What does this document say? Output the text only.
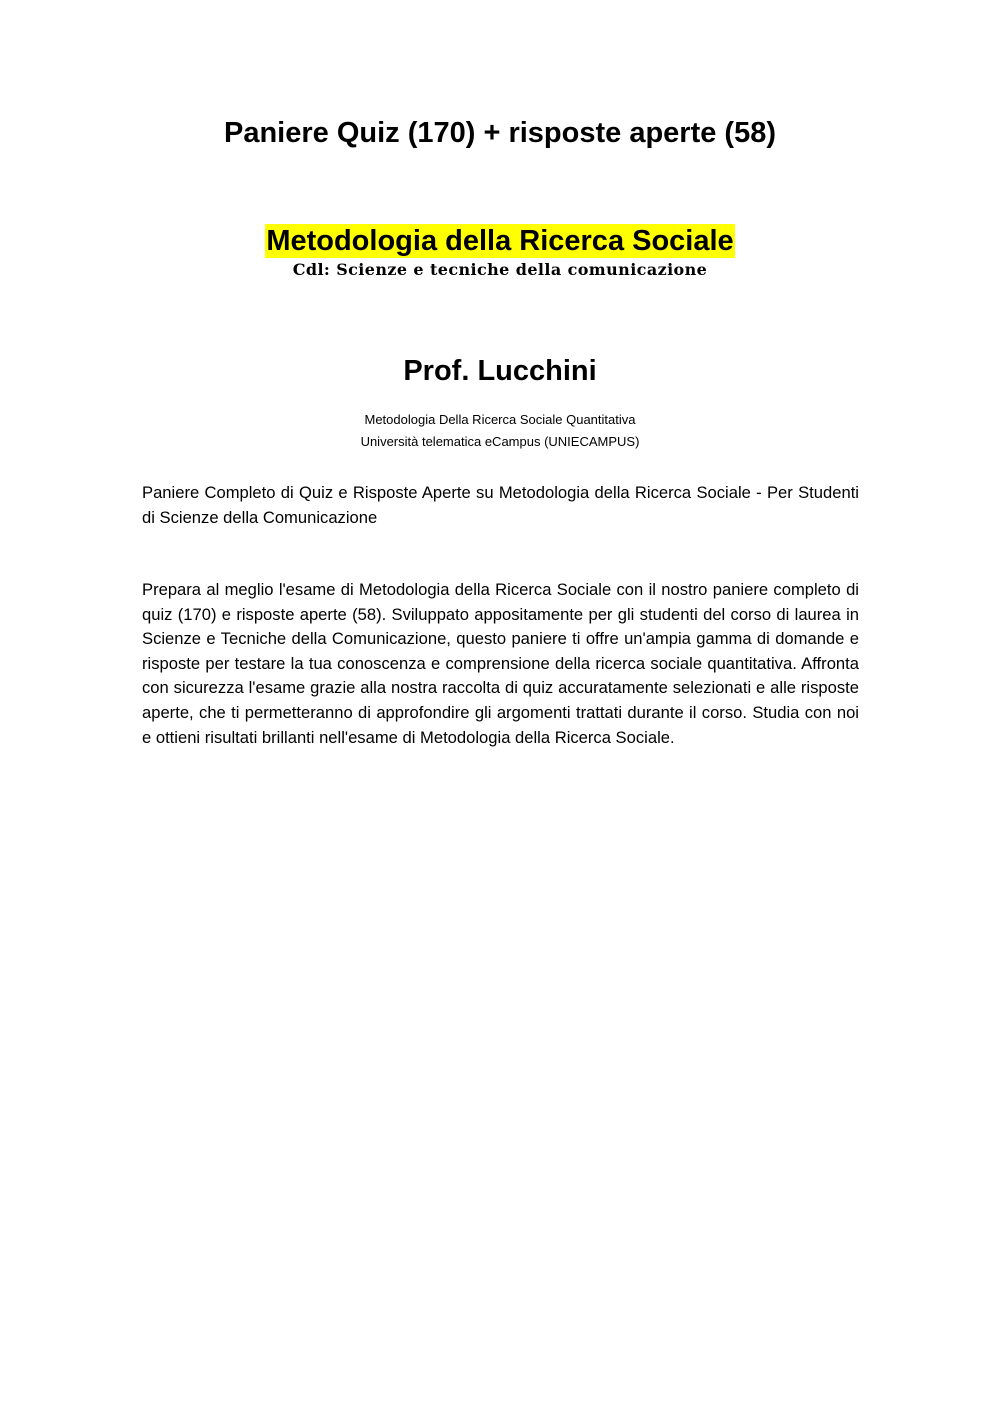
Paniere Quiz (170) + risposte aperte (58)
Metodologia della Ricerca Sociale
Cdl: Scienze e tecniche della comunicazione
Prof. Lucchini
Metodologia Della Ricerca Sociale Quantitativa
Università telematica eCampus (UNIECAMPUS)

Paniere Completo di Quiz e Risposte Aperte su Metodologia della Ricerca Sociale - Per Studenti di Scienze della Comunicazione

Prepara al meglio l'esame di Metodologia della Ricerca Sociale con il nostro paniere completo di quiz (170) e risposte aperte (58). Sviluppato appositamente per gli studenti del corso di laurea in Scienze e Tecniche della Comunicazione, questo paniere ti offre un'ampia gamma di domande e risposte per testare la tua conoscenza e comprensione della ricerca sociale quantitativa. Affronta con sicurezza l'esame grazie alla nostra raccolta di quiz accuratamente selezionati e alle risposte aperte, che ti permetteranno di approfondire gli argomenti trattati durante il corso. Studia con noi e ottieni risultati brillanti nell'esame di Metodologia della Ricerca Sociale.
